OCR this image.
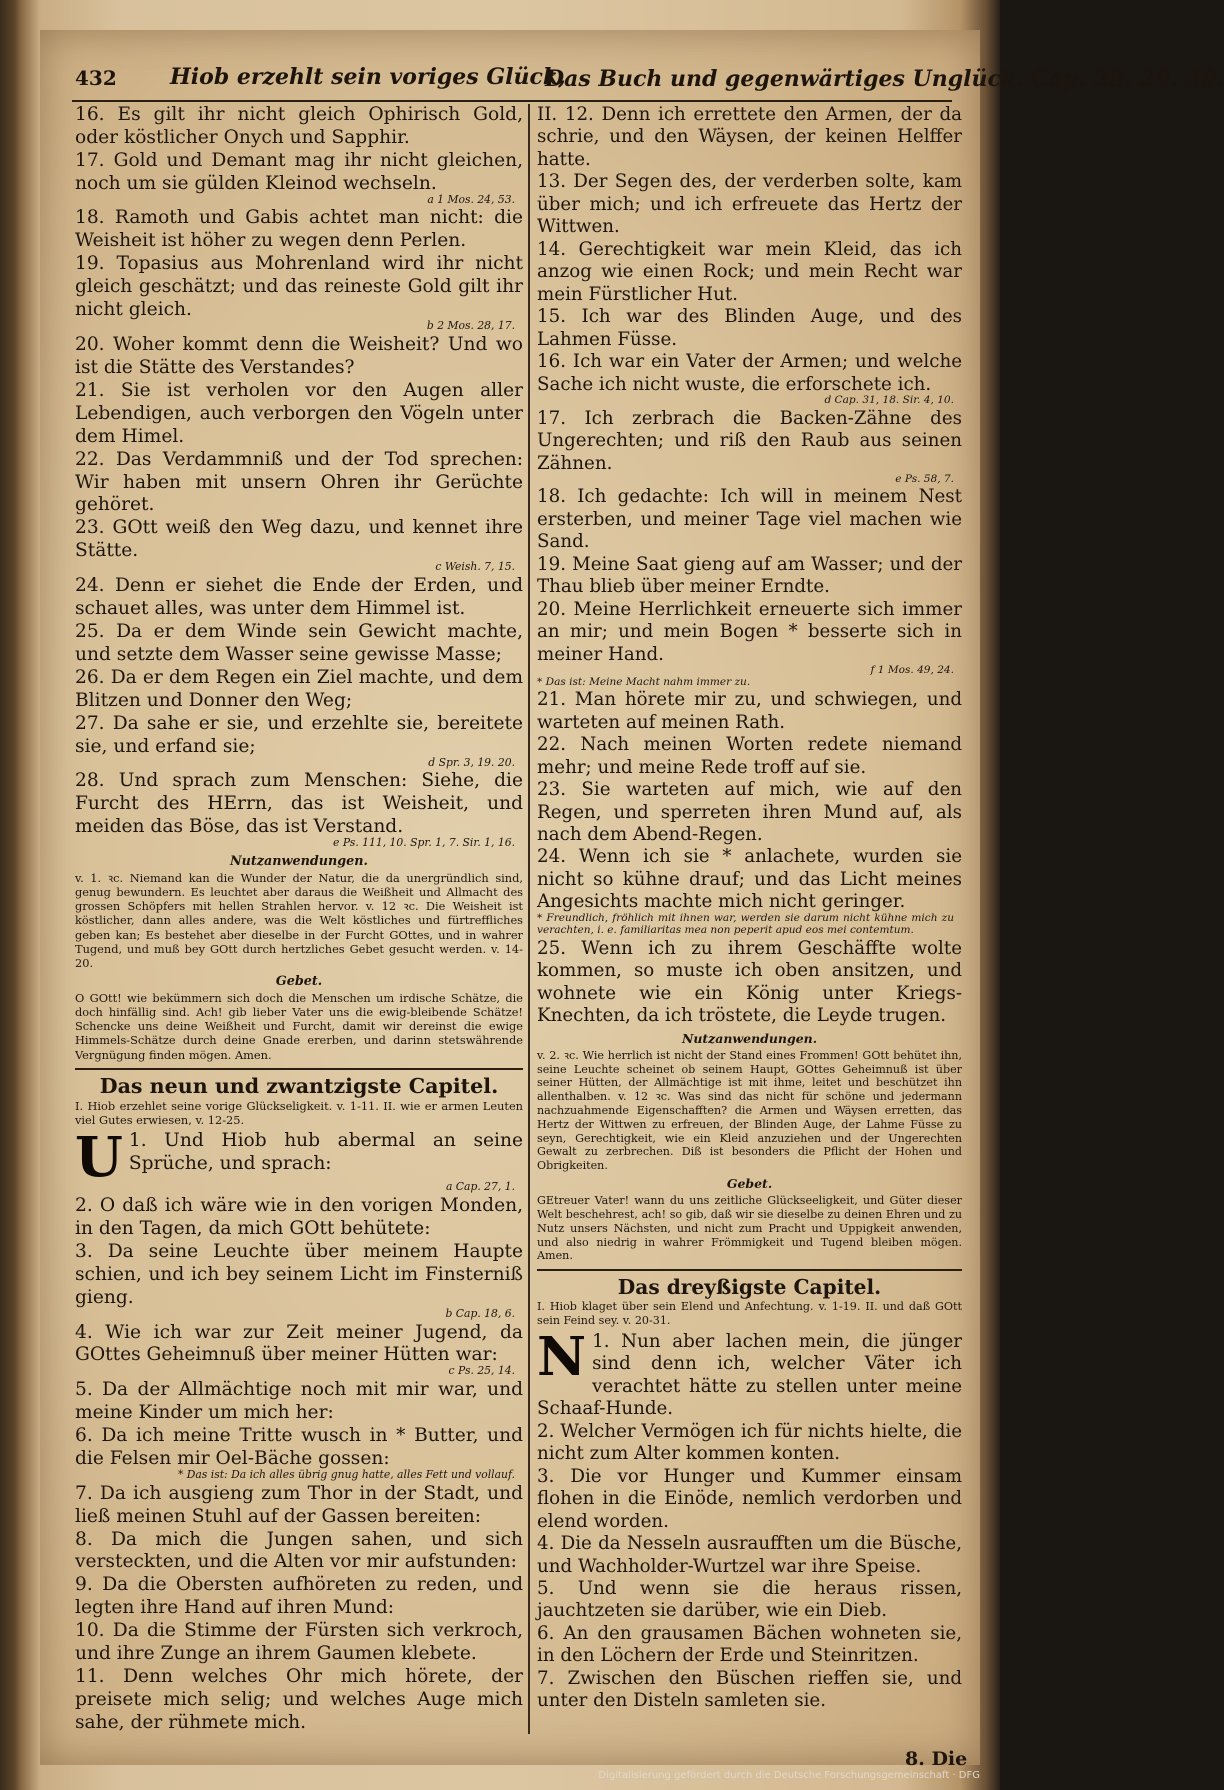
432 Hiob erzehlt sein voriges Glück,
Das Buch und gegenwärtiges Unglück. Cap. 28. 29. 30.

16. Es gilt ihr nicht gleich Ophirisch Gold, oder köstlicher Onych und Sapphir.

17. Gold und Demant mag ihr nicht gleichen, noch um sie gülden Kleinod wechseln.

a 1 Mos. 24, 53.

18. Ramoth und Gabis achtet man nicht: die Weisheit ist höher zu wegen denn Perlen.

19. Topasius aus Mohrenland wird ihr nicht gleich geschätzt; und das reineste Gold gilt ihr nicht gleich.

b 2 Mos. 28, 17.

20. Woher kommt denn die Weisheit? Und wo ist die Stätte des Verstandes?

21. Sie ist verholen vor den Augen aller Lebendigen, auch verborgen den Vögeln unter dem Himel.

22. Das Verdammniß und der Tod sprechen: Wir haben mit unsern Ohren ihr Gerüchte gehöret.

23. GOtt weiß den Weg dazu, und kennet ihre Stätte.

c Weish. 7, 15.

24. Denn er siehet die Ende der Erden, und schauet alles, was unter dem Himmel ist.

25. Da er dem Winde sein Gewicht machte, und setzte dem Wasser seine gewisse Masse;

26. Da er dem Regen ein Ziel machte, und dem Blitzen und Donner den Weg;

27. Da sahe er sie, und erzehlte sie, bereitete sie, und erfand sie;

d Spr. 3, 19. 20.

28. Und sprach zum Menschen: Siehe, die Furcht des HErrn, das ist Weisheit, und meiden das Böse, das ist Verstand.

e Ps. 111, 10. Spr. 1, 7. Sir. 1, 16.
Nutzanwendungen.

v. 1. ꝛc. Niemand kan die Wunder der Natur, die da unergründlich sind, genug bewundern. Es leuchtet aber daraus die Weißheit und Allmacht des grossen Schöpfers mit hellen Strahlen hervor. v. 12 ꝛc. Die Weisheit ist köstlicher, dann alles andere, was die Welt köstliches und fürtreffliches geben kan; Es bestehet aber dieselbe in der Furcht GOttes, und in wahrer Tugend, und muß bey GOtt durch hertzliches Gebet gesucht werden. v. 14-20.

Gebet.

O GOtt! wie bekümmern sich doch die Menschen um irdische Schätze, die doch hinfällig sind. Ach! gib lieber Vater uns die ewig-bleibende Schätze! Schencke uns deine Weißheit und Furcht, damit wir dereinst die ewige Himmels-Schätze durch deine Gnade ererben, und darinn stetswährende Vergnügung finden mögen. Amen.

Das neun und zwantzigste Capitel.

I. Hiob erzehlet seine vorige Glückseligkeit. v. 1-11. II. wie er armen Leuten viel Gutes erwiesen, v. 12-25.

U 1. Und Hiob hub abermal an seine Sprüche, und sprach:

a Cap. 27, 1.

2. O daß ich wäre wie in den vorigen Monden, in den Tagen, da mich GOtt behütete:

3. Da seine Leuchte über meinem Haupte schien, und ich bey seinem Licht im Finsterniß gieng.

b Cap. 18, 6.

4. Wie ich war zur Zeit meiner Jugend, da GOttes Geheimnuß über meiner Hütten war:

c Ps. 25, 14.

5. Da der Allmächtige noch mit mir war, und meine Kinder um mich her:

6. Da ich meine Tritte wusch in * Butter, und die Felsen mir Oel-Bäche gossen:

* Das ist: Da ich alles übrig gnug hatte, alles Fett und vollauf.

7. Da ich ausgieng zum Thor in der Stadt, und ließ meinen Stuhl auf der Gassen bereiten:

8. Da mich die Jungen sahen, und sich versteckten, und die Alten vor mir aufstunden:

9. Da die Obersten aufhöreten zu reden, und legten ihre Hand auf ihren Mund:

10. Da die Stimme der Fürsten sich verkroch, und ihre Zunge an ihrem Gaumen klebete.

11. Denn welches Ohr mich hörete, der preisete mich selig; und welches Auge mich sahe, der rühmete mich.

II. 12. Denn ich errettete den Armen, der da schrie, und den Wäysen, der keinen Helffer hatte.

13. Der Segen des, der verderben solte, kam über mich; und ich erfreuete das Hertz der Wittwen.

14. Gerechtigkeit war mein Kleid, das ich anzog wie einen Rock; und mein Recht war mein Fürstlicher Hut.

15. Ich war des Blinden Auge, und des Lahmen Füsse.

16. Ich war ein Vater der Armen; und welche Sache ich nicht wuste, die erforschete ich.

d Cap. 31, 18. Sir. 4, 10.

17. Ich zerbrach die Backen-Zähne des Ungerechten; und riß den Raub aus seinen Zähnen.

e Ps. 58, 7.

18. Ich gedachte: Ich will in meinem Nest ersterben, und meiner Tage viel machen wie Sand.

19. Meine Saat gieng auf am Wasser; und der Thau blieb über meiner Erndte.

20. Meine Herrlichkeit erneuerte sich immer an mir; und mein Bogen * besserte sich in meiner Hand.

f 1 Mos. 49, 24.
* Das ist: Meine Macht nahm immer zu.

21. Man hörete mir zu, und schwiegen, und warteten auf meinen Rath.

22. Nach meinen Worten redete niemand mehr; und meine Rede troff auf sie.

23. Sie warteten auf mich, wie auf den Regen, und sperreten ihren Mund auf, als nach dem Abend-Regen.

24. Wenn ich sie * anlachete, wurden sie nicht so kühne drauf; und das Licht meines Angesichts machte mich nicht geringer.

* Freundlich, fröhlich mit ihnen war, werden sie darum nicht kühne mich zu verachten, i. e. familiaritas mea non peperit apud eos mei contemtum.

25. Wenn ich zu ihrem Geschäffte wolte kommen, so muste ich oben ansitzen, und wohnete wie ein König unter Kriegs-Knechten, da ich tröstete, die Leyde trugen.

Nutzanwendungen.

v. 2. ꝛc. Wie herrlich ist nicht der Stand eines Frommen! GOtt behütet ihn, seine Leuchte scheinet ob seinem Haupt, GOttes Geheimnuß ist über seiner Hütten, der Allmächtige ist mit ihme, leitet und beschützet ihn allenthalben. v. 12 ꝛc. Was sind das nicht für schöne und jedermann nachzuahmende Eigenschafften? die Armen und Wäysen erretten, das Hertz der Wittwen zu erfreuen, der Blinden Auge, der Lahme Füsse zu seyn, Gerechtigkeit, wie ein Kleid anzuziehen und der Ungerechten Gewalt zu zerbrechen. Diß ist besonders die Pflicht der Hohen und Obrigkeiten.

Gebet.

GEtreuer Vater! wann du uns zeitliche Glückseeligkeit, und Güter dieser Welt beschehrest, ach! so gib, daß wir sie dieselbe zu deinen Ehren und zu Nutz unsers Nächsten, und nicht zum Pracht und Uppigkeit anwenden, und also niedrig in wahrer Frömmigkeit und Tugend bleiben mögen. Amen.

Das dreyßigste Capitel.

I. Hiob klaget über sein Elend und Anfechtung. v. 1-19. II. und daß GOtt sein Feind sey. v. 20-31.

N 1. Nun aber lachen mein, die jünger sind denn ich, welcher Väter ich verachtet hätte zu stellen unter meine Schaaf-Hunde.

2. Welcher Vermögen ich für nichts hielte, die nicht zum Alter kommen konten.

3. Die vor Hunger und Kummer einsam flohen in die Einöde, nemlich verdorben und elend worden.

4. Die da Nesseln ausraufften um die Büsche, und Wachholder-Wurtzel war ihre Speise.

5. Und wenn sie die heraus rissen, jauchtzeten sie darüber, wie ein Dieb.

6. An den grausamen Bächen wohneten sie, in den Löchern der Erde und Steinritzen.

7. Zwischen den Büschen rieffen sie, und unter den Disteln samleten sie.

8. Die
Digitalisierung gefördert durch die Deutsche Forschungsgemeinschaft · DFG
